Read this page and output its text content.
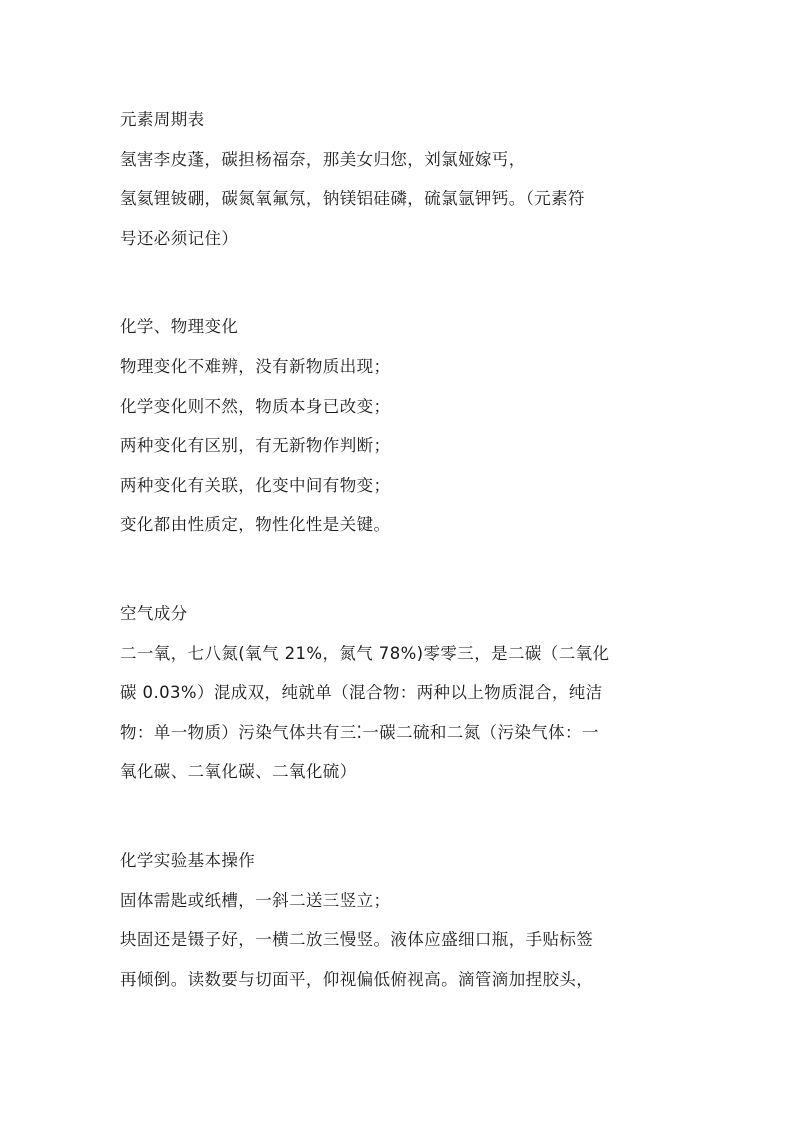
元素周期表
氢害李皮蓬，碳担杨福奈，那美女归您，刘氯娅嫁丐，
氢氦锂铍硼，碳氮氧氟氖，钠镁铝硅磷，硫氯氩钾钙。（元素符
号还必须记住）
化学、物理变化
物理变化不难辨，没有新物质出现；
化学变化则不然，物质本身已改变；
两种变化有区别，有无新物作判断；
两种变化有关联，化变中间有物变；
变化都由性质定，物性化性是关键。
空气成分
二一氧，七八氮(氧气 21%，氮气 78%)零零三，是二碳（二氧化
碳 0.03%）混成双，纯就单（混合物：两种以上物质混合，纯洁
物：单一物质）污染气体共有三⁚一碳二硫和二氮（污染气体：一
氧化碳、二氧化碳、二氧化硫）
化学实验基本操作
固体需匙或纸槽，一斜二送三竖立；
块固还是镊子好，一横二放三慢竖。液体应盛细口瓶，手贴标签
再倾倒。读数要与切面平，仰视偏低俯视高。滴管滴加捏胶头，
